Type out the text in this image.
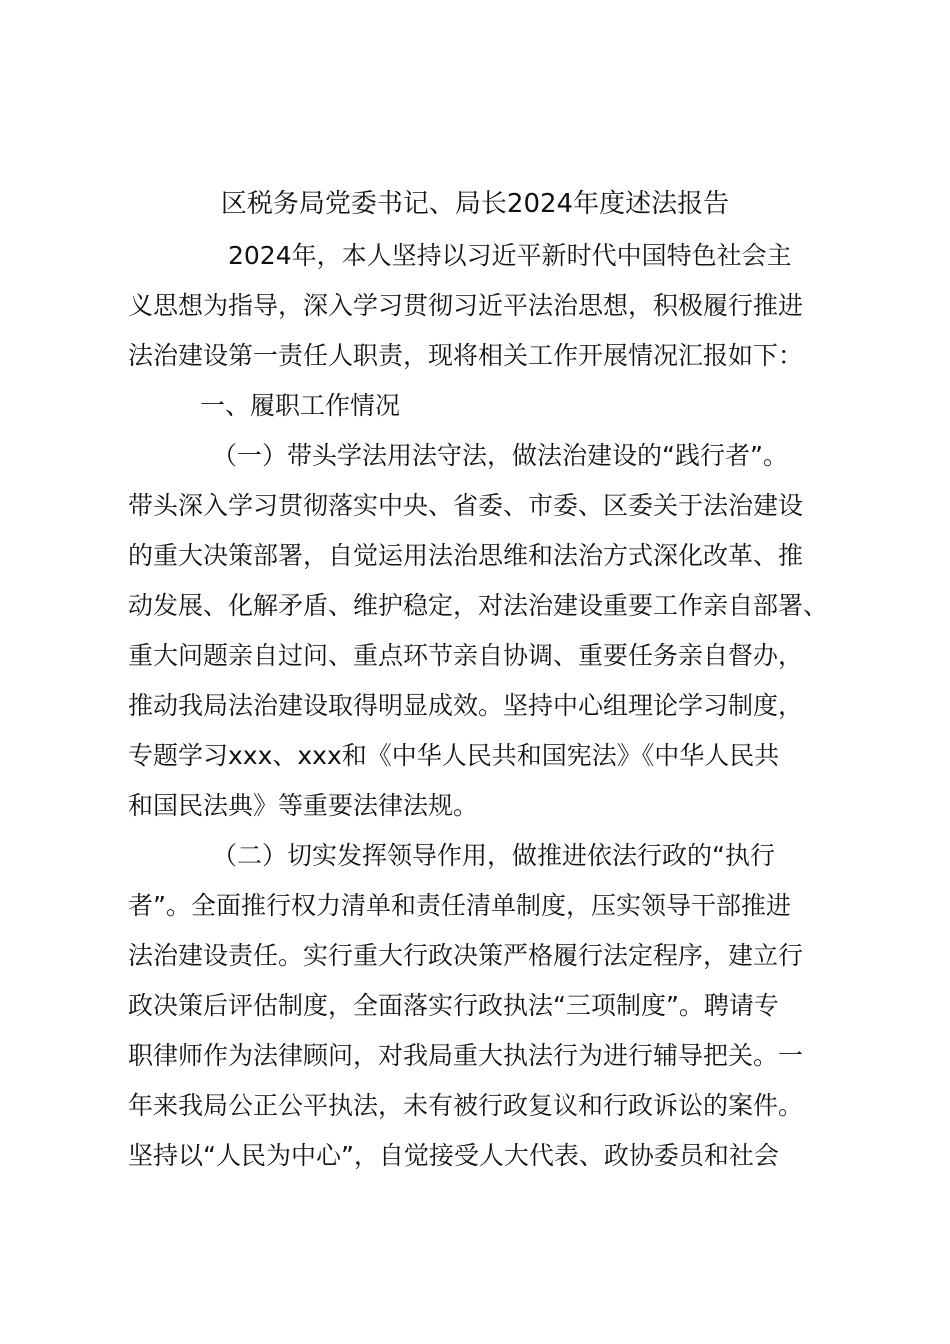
区税务局党委书记、局长2024年度述法报告

2024年，本人坚持以习近平新时代中国特色社会主

义思想为指导，深入学习贯彻习近平法治思想，积极履行推进

法治建设第一责任人职责，现将相关工作开展情况汇报如下：

一、履职工作情况

（一）带头学法用法守法，做法治建设的“践行者”。

带头深入学习贯彻落实中央、省委、市委、区委关于法治建设

的重大决策部署，自觉运用法治思维和法治方式深化改革、推

动发展、化解矛盾、维护稳定，对法治建设重要工作亲自部署、

重大问题亲自过问、重点环节亲自协调、重要任务亲自督办，

推动我局法治建设取得明显成效。坚持中心组理论学习制度，

专题学习xxx、xxx和《中华人民共和国宪法》《中华人民共

和国民法典》等重要法律法规。

（二）切实发挥领导作用，做推进依法行政的“执行

者”。全面推行权力清单和责任清单制度，压实领导干部推进

法治建设责任。实行重大行政决策严格履行法定程序，建立行

政决策后评估制度，全面落实行政执法“三项制度”。聘请专

职律师作为法律顾问，对我局重大执法行为进行辅导把关。一

年来我局公正公平执法，未有被行政复议和行政诉讼的案件。

坚持以“人民为中心”，自觉接受人大代表、政协委员和社会
